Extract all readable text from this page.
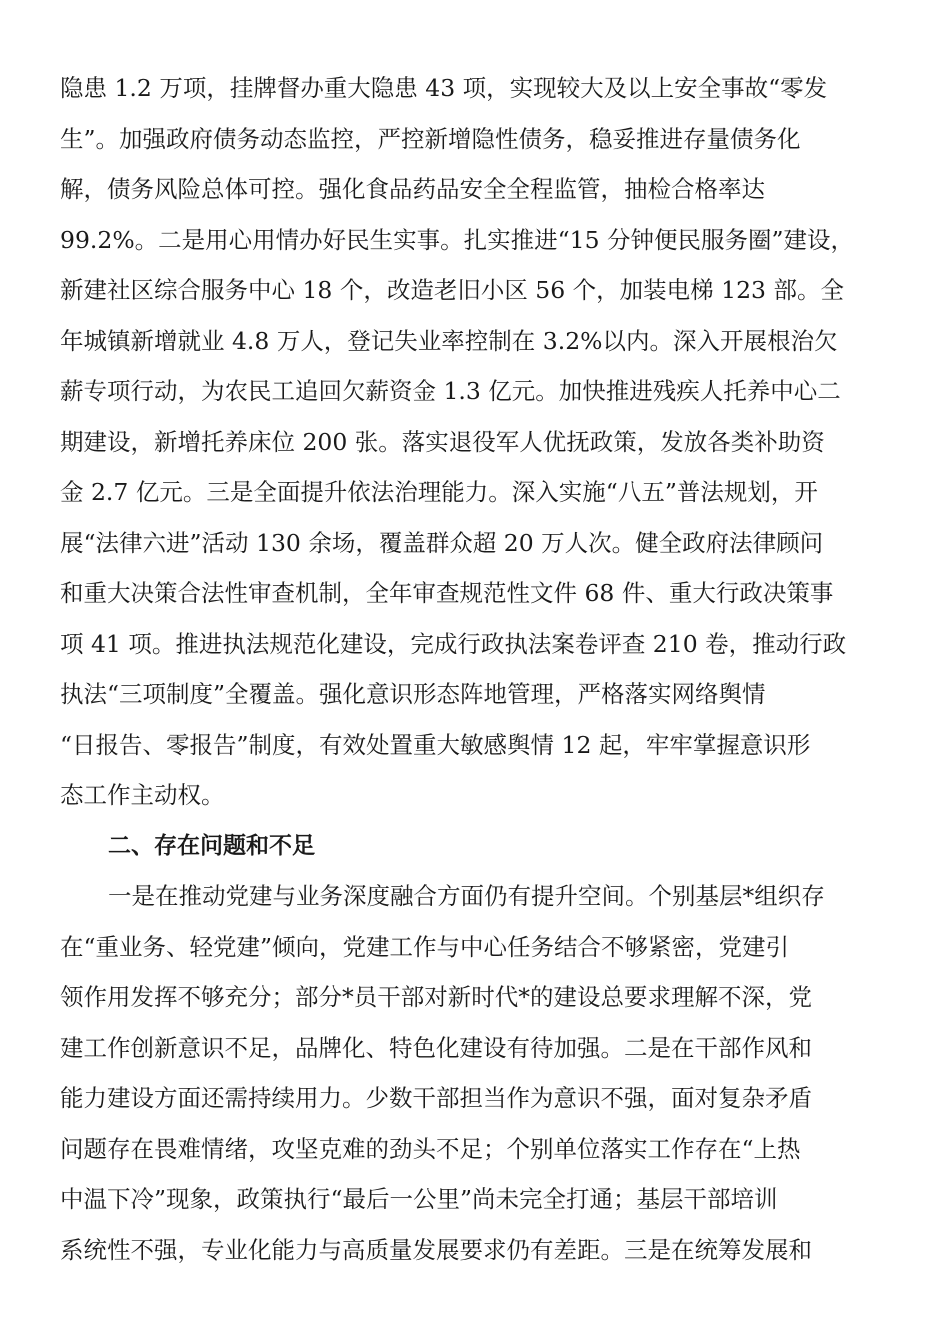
隐患 1.2 万项，挂牌督办重大隐患 43 项，实现较大及以上安全事故“零发
生”。加强政府债务动态监控，严控新增隐性债务，稳妥推进存量债务化
解，债务风险总体可控。强化食品药品安全全程监管，抽检合格率达
99.2%。二是用心用情办好民生实事。扎实推进“15 分钟便民服务圈”建设，
新建社区综合服务中心 18 个，改造老旧小区 56 个，加装电梯 123 部。全
年城镇新增就业 4.8 万人，登记失业率控制在 3.2%以内。深入开展根治欠
薪专项行动，为农民工追回欠薪资金 1.3 亿元。加快推进残疾人托养中心二
期建设，新增托养床位 200 张。落实退役军人优抚政策，发放各类补助资
金 2.7 亿元。三是全面提升依法治理能力。深入实施“八五”普法规划，开
展“法律六进”活动 130 余场，覆盖群众超 20 万人次。健全政府法律顾问
和重大决策合法性审查机制，全年审查规范性文件 68 件、重大行政决策事
项 41 项。推进执法规范化建设，完成行政执法案卷评查 210 卷，推动行政
执法“三项制度”全覆盖。强化意识形态阵地管理，严格落实网络舆情
“日报告、零报告”制度，有效处置重大敏感舆情 12 起，牢牢掌握意识形
态工作主动权。
二、存在问题和不足
一是在推动党建与业务深度融合方面仍有提升空间。个别基层*组织存
在“重业务、轻党建”倾向，党建工作与中心任务结合不够紧密，党建引
领作用发挥不够充分；部分*员干部对新时代*的建设总要求理解不深，党
建工作创新意识不足，品牌化、特色化建设有待加强。二是在干部作风和
能力建设方面还需持续用力。少数干部担当作为意识不强，面对复杂矛盾
问题存在畏难情绪，攻坚克难的劲头不足；个别单位落实工作存在“上热
中温下冷”现象，政策执行“最后一公里”尚未完全打通；基层干部培训
系统性不强，专业化能力与高质量发展要求仍有差距。三是在统筹发展和
